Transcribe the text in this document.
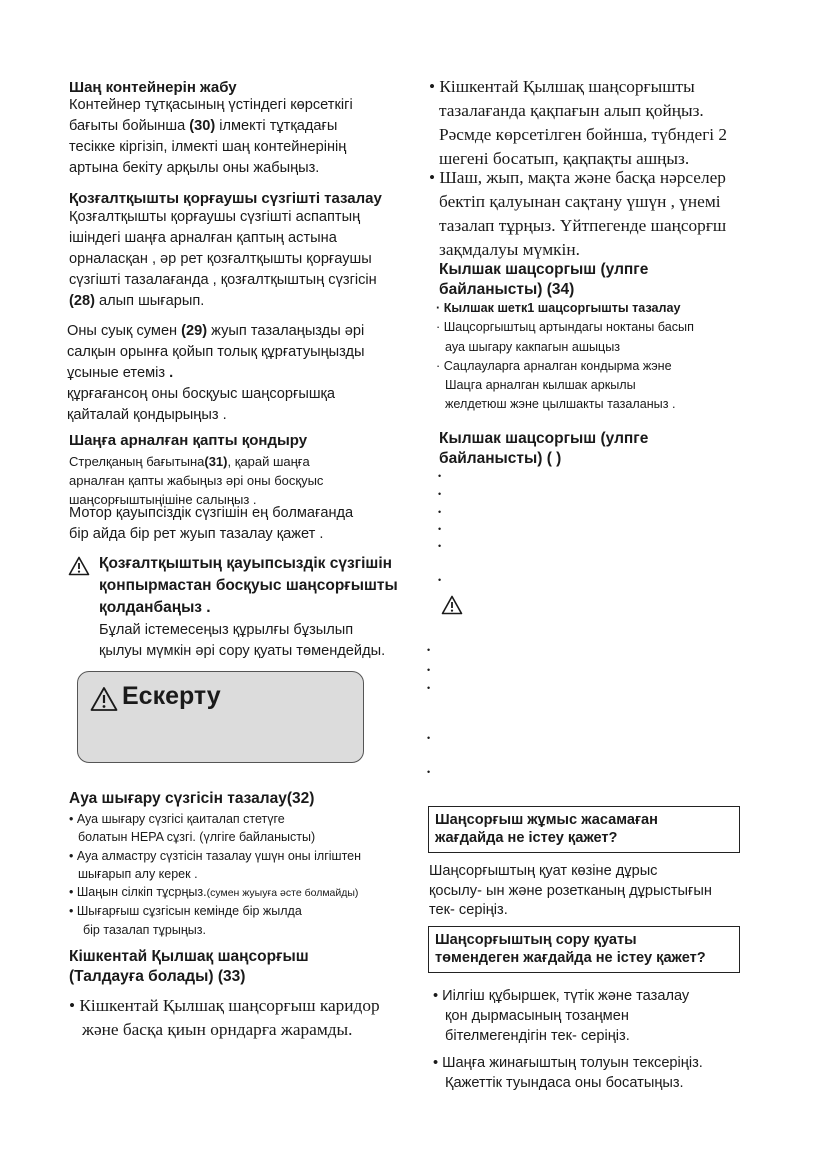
Шаң контейнерін жабу
Контейнер тұтқасының үстіндегі көрсеткігі
бағыты бойынша (30) ілмекті тұтқадағы
тесікке кіргізіп, ілмекті шаң контейнерінің
артына бекіту арқылы оны жабыңыз.
Қозғалтқышты қорғаушы сүзгішті тазалау
Қозғалтқышты қорғаушы сүзгішті аспаптың
ішіндегі шаңға арналған қаптың астына
орналасқан , әр рет қозғалтқышты қорғаушы
сүзгішті тазалағанда , қозғалтқыштың сүзгісін
(28) алып шығарып.
Оны суық сумен (29) жуып тазалаңызды әрі
салқын орынға қойып толық құрғатуыңызды
ұсыные етеміз .
құрғағансоң оны босқуыс шаңсорғышқа
қайталай қондырыңыз .
Шаңға арналған қапты қондыру
Стрелқаның бағытына(31), қарай шаңға
арналған қапты жабыңыз әрі оны босқуыс
шаңсорғыштыңішіне салыңыз .
Мотор қауыпсіздік сүзгішін ең болмағанда
бір айда бір рет жуып тазалау қажет .
Қозғалтқыштың қауыпсыздік сүзгішін
қонпырмастан босқуыс шаңсорғышты
қолданбаңыз .
Бұлай істемесеңыз құрылғы бұзылып
қылуы мүмкін әрі сору қуаты төмендейды.
Ескерту
Ауа шығару сүзгісін тазалау(32)
• Ауа шығару сүзгісі қаиталап стетүге
болатын HEPA сұзгі. (үлгіге байланысты)
• Ауа алмастру сүзтісін тазалау үшүн оны ілгіштен
шығарып алу керек .
• Шаңын сілкіп тұсрңыз.(сумен жуыуға әсте болмайды)
• Шығарғыш сұзгісын кемінде бір жылда
бір тазалап тұрыңыз.
Кішкентай Қылшақ шаңсорғыш
(Талдауға болады) (33)
• Кішкентай Қылшақ шаңсорғыш каридор
және басқа қиын орндарға жарамды.
• Кішкентай Қылшақ шаңсорғышты
тазалағанда қақпағын алып қойңыз.
Рәсмде көрсетілген бойнша, түбндегі 2
шегені босатып, қақпақты ашңыз.
• Шаш, жып, мақта және басқа нәрселер
бектіп қалуынан сақтану үшүн , үнемі
тазалап тұрңыз. Үйтпегенде шаңсорғш
зақмдалуы мүмкін.
Кылшак шацсоргыш (улпге
байланысты) (34)
· Кылшак шетк1 шацсоргышты тазалау
· Шацсоргыштыц артындагы ноктаны басып
ауа шыгару какпагын ашыцыз
· Сацлауларга арналган кондырма жэне
Шацга арналган кылшак аркылы
желдетюш жэне цылшакты тазаланыз .
Кылшак шацсоргыш (улпге
байланысты) ( )
•
•
•
•
•
•
•
•
•
•
•
Шаңсорғыш жұмыс жасамаған
жағдайда не істеу қажет?
Шаңсорғыштың қуат көзіне дұрыс
қосылу- ын және розетканың дұрыстығын
тек- серіңіз.
Шаңсорғыштың сору қуаты
төмендеген жағдайда не істеу қажет?
• Иілгіш құбыршек, түтік және тазалау
қон дырмасының тозаңмен
бітелмегендігін тек- серіңіз.
• Шаңға жинағыштың толуын тексеріңіз.
Қажеттік туындаса оны босатыңыз.
